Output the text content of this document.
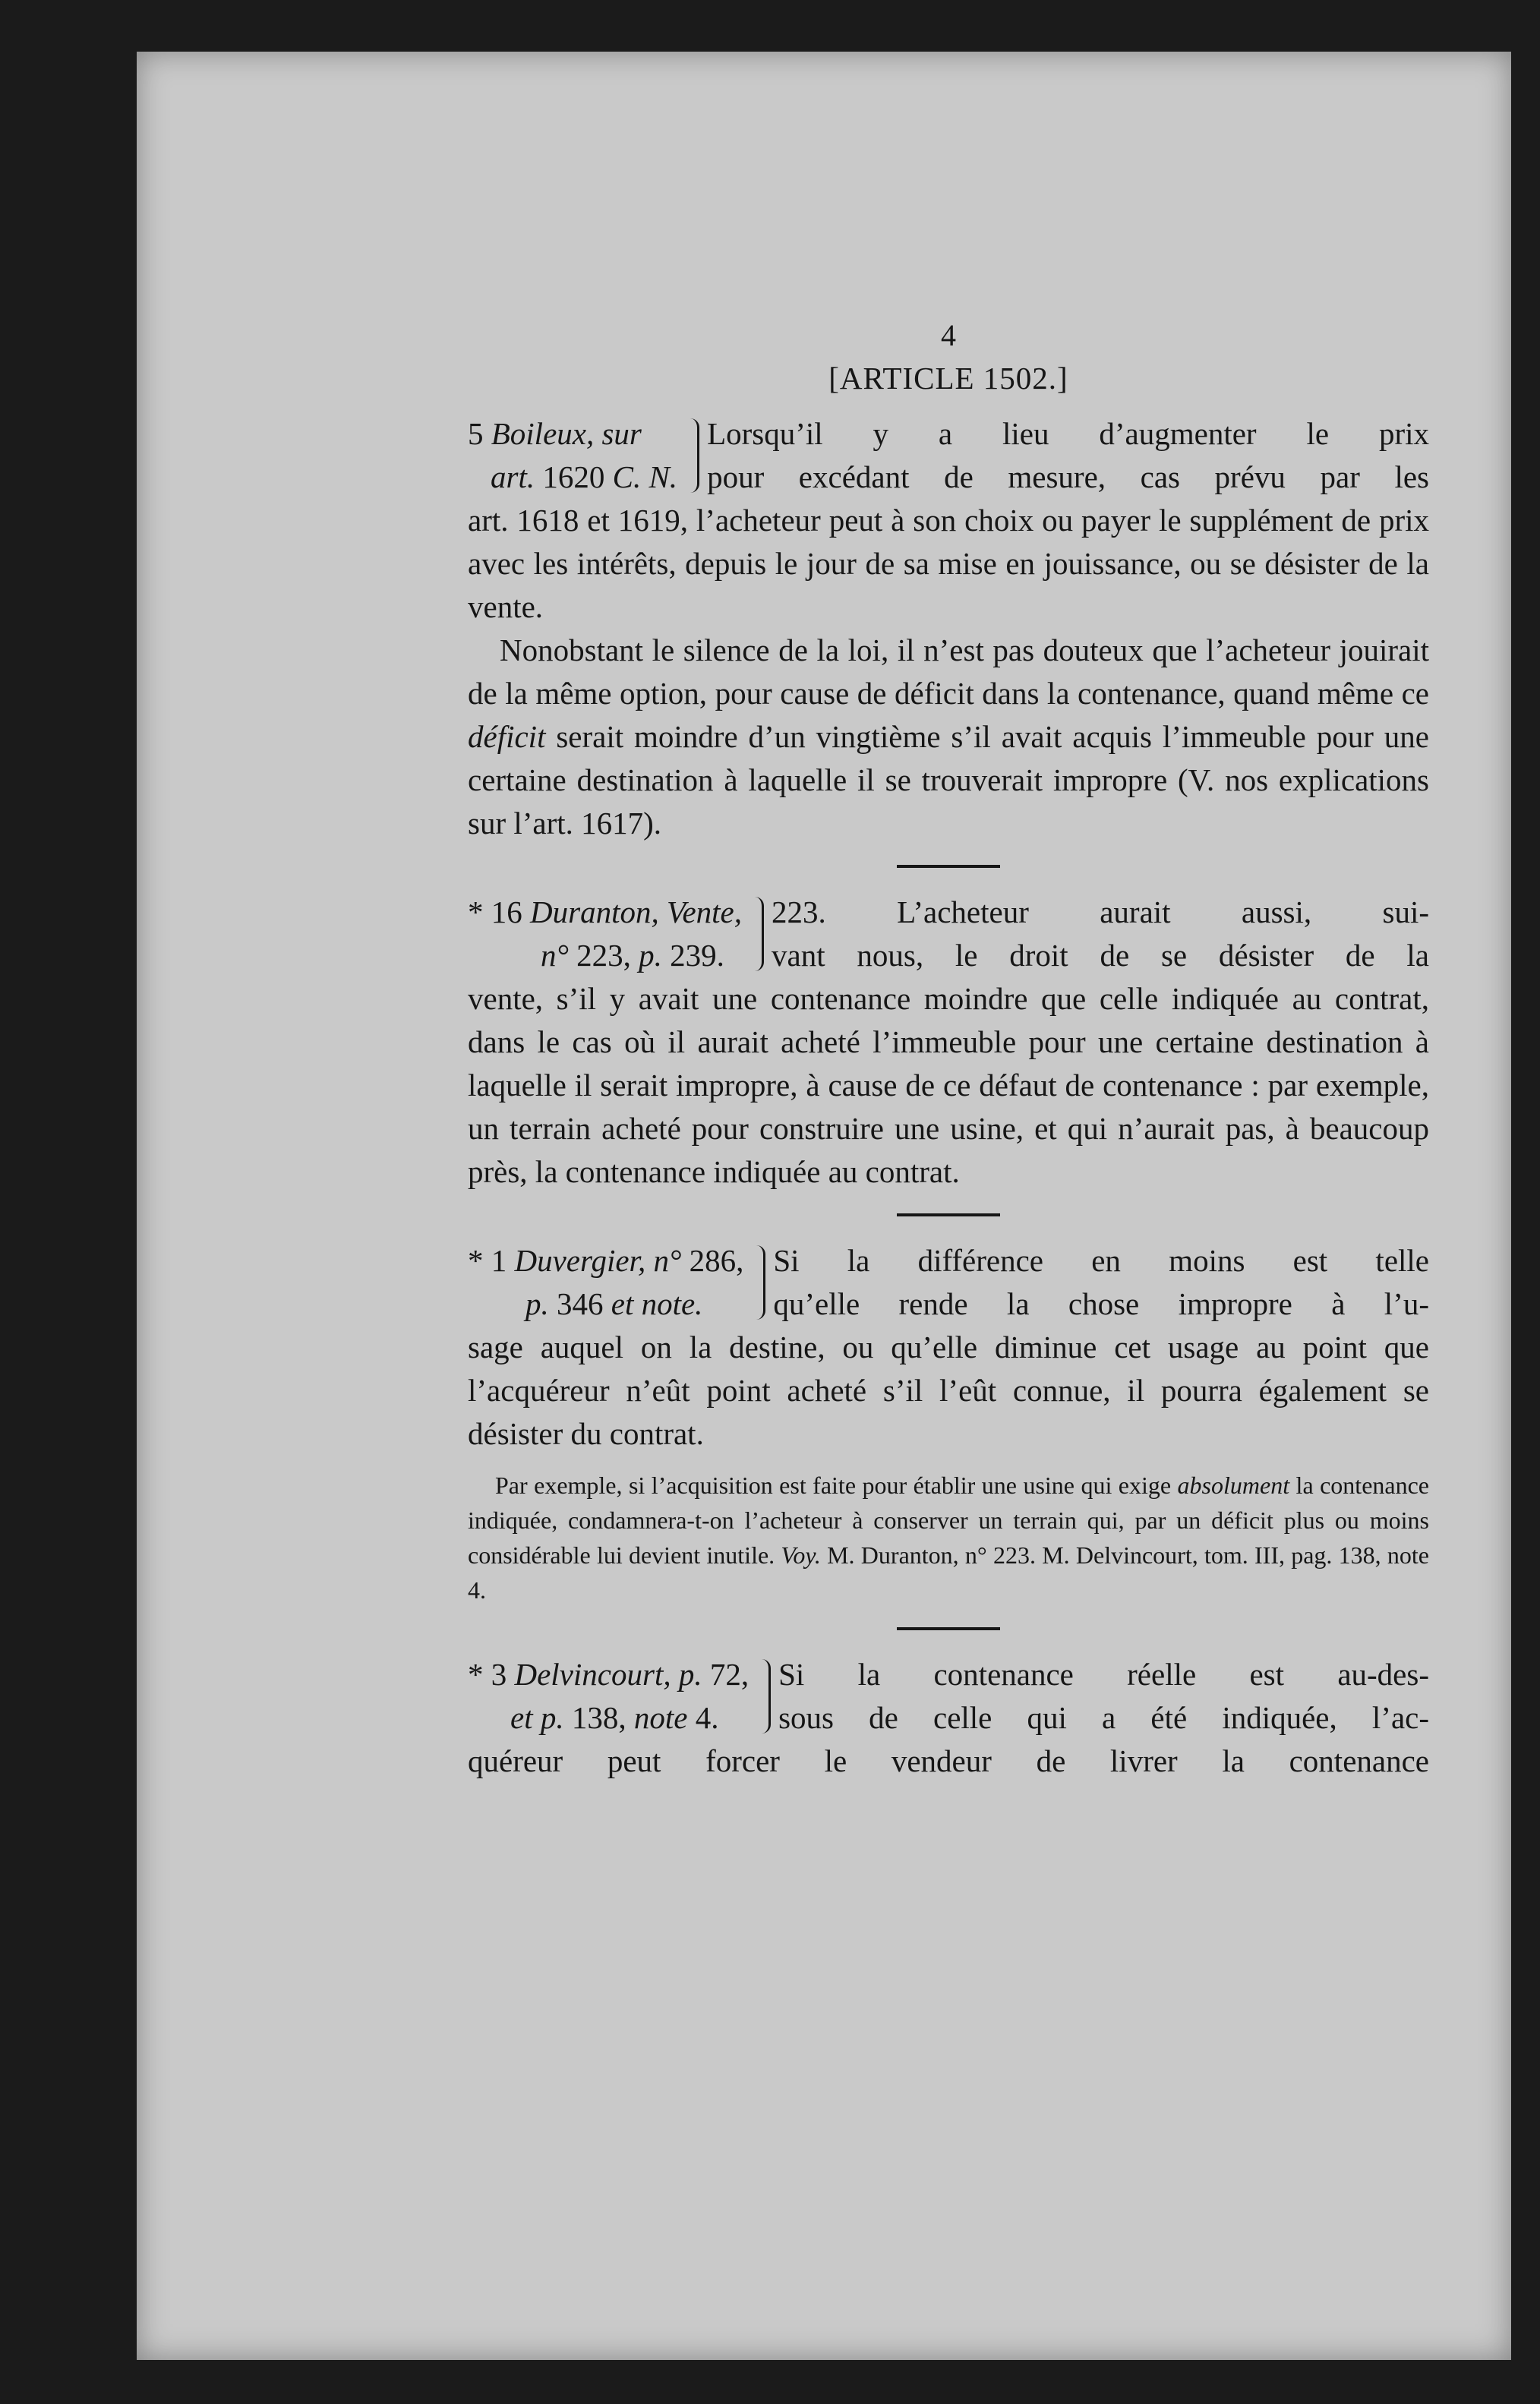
4

[ARTICLE 1502.]

5 Boileux, sur
art. 1620 C. N.
Lorsqu’il y a lieu d’augmenter le prix
pour excédant de mesure, cas prévu par les

art. 1618 et 1619, l’acheteur peut à son choix ou payer le supplément de prix avec les intérêts, depuis le jour de sa mise en jouissance, ou se désister de la vente.

Nonobstant le silence de la loi, il n’est pas douteux que l’acheteur jouirait de la même option, pour cause de déficit dans la contenance, quand même ce déficit serait moindre d’un vingtième s’il avait acquis l’immeuble pour une certaine destination à laquelle il se trouverait impropre (V. nos explications sur l’art. 1617).

* 16 Duranton, Vente,
n° 223, p. 239.
223. L’acheteur aurait aussi, sui-
vant nous, le droit de se désister de la

vente, s’il y avait une contenance moindre que celle indiquée au contrat, dans le cas où il aurait acheté l’immeuble pour une certaine destination à laquelle il serait impropre, à cause de ce défaut de contenance : par exemple, un terrain acheté pour construire une usine, et qui n’aurait pas, à beaucoup près, la contenance indiquée au contrat.

* 1 Duvergier, n° 286,
p. 346 et note.
Si la différence en moins est telle
qu’elle rende la chose impropre à l’u-

sage auquel on la destine, ou qu’elle diminue cet usage au point que l’acquéreur n’eût point acheté s’il l’eût connue, il pourra également se désister du contrat.

Par exemple, si l’acquisition est faite pour établir une usine qui exige absolument la contenance indiquée, condamnera-t-on l’acheteur à conserver un terrain qui, par un déficit plus ou moins considérable lui devient inutile. Voy. M. Duranton, n° 223. M. Delvincourt, tom. III, pag. 138, note 4.
* 3 Delvincourt, p. 72,
et p. 138, note 4.
Si la contenance réelle est au-des-
sous de celle qui a été indiquée, l’ac-

quéreur peut forcer le vendeur de livrer la contenance
